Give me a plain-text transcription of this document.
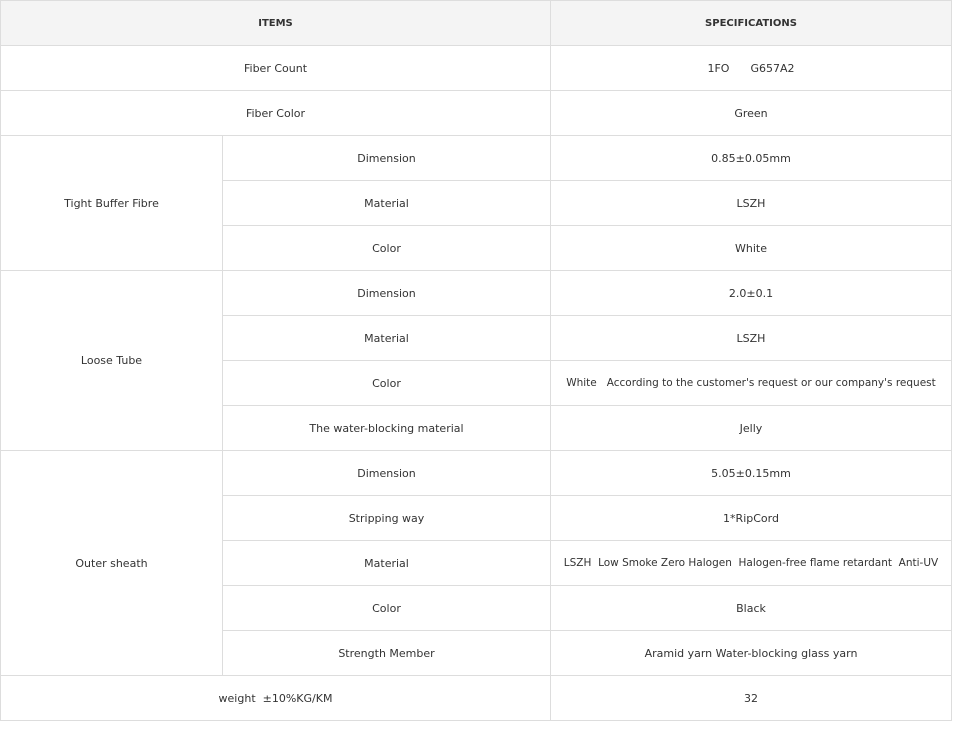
ITEMS		SPECIFICATIONS
Fiber Count		1FO      G657A2
Fiber Color		Green
Tight Buffer Fibre	Dimension	0.85±0.05mm
	Material	LSZH
	Color	White
Loose Tube	Dimension	2.0±0.1
	Material	LSZH
	Color	White   According to the customer's request or our company's request
	The water-blocking material	Jelly
Outer sheath	Dimension	5.05±0.15mm
	Stripping way	1*RipCord
	Material	LSZH  Low Smoke Zero Halogen  Halogen-free flame retardant  Anti-UV
	Color	Black
	Strength Member	Aramid yarn Water-blocking glass yarn
weight  ±10%KG/KM		32
